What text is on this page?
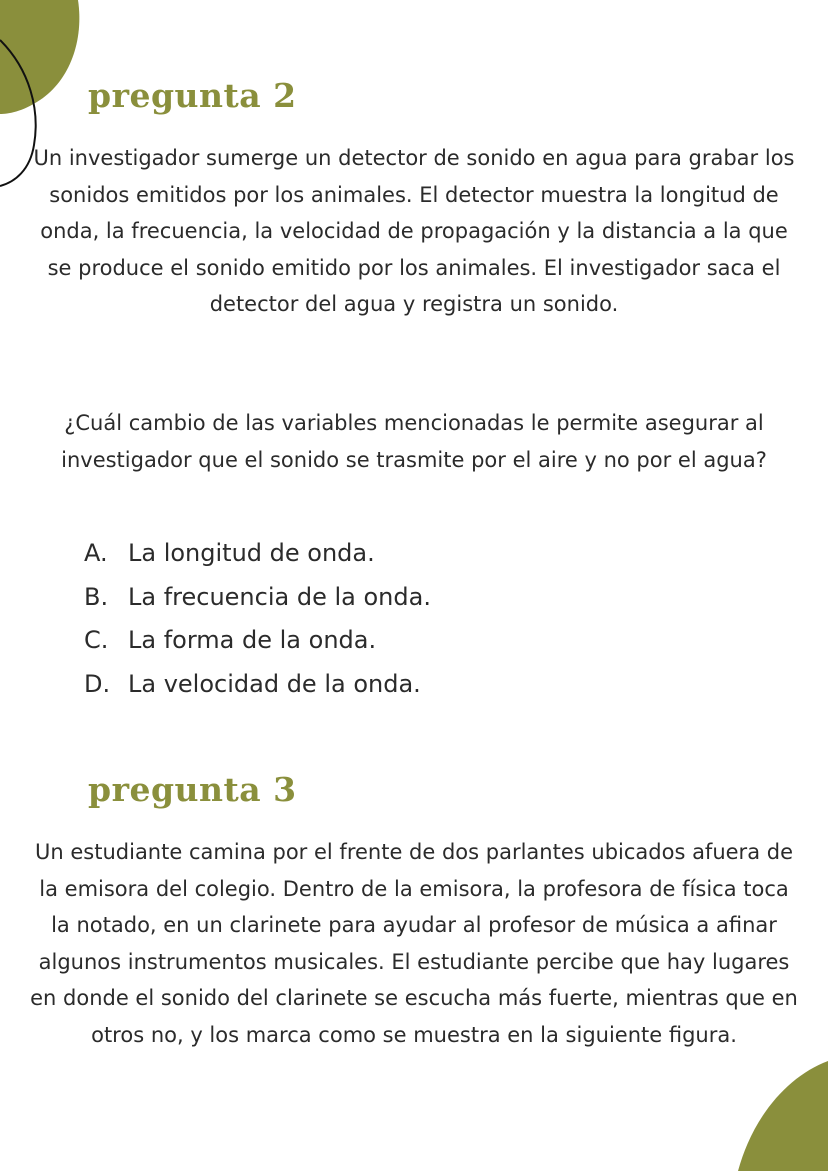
pregunta 2

Un investigador sumerge un detector de sonido en agua para grabar los sonidos emitidos por los animales. El detector muestra la longitud de onda, la frecuencia, la velocidad de propagación y la distancia a la que se produce el sonido emitido por los animales. El investigador saca el detector del agua y registra un sonido.

¿Cuál cambio de las variables mencionadas le permite asegurar al investigador que el sonido se trasmite por el aire y no por el agua?

A. La longitud de onda.
B. La frecuencia de la onda.
C. La forma de la onda.
D. La velocidad de la onda.
pregunta 3

Un estudiante camina por el frente de dos parlantes ubicados afuera de la emisora del colegio. Dentro de la emisora, la profesora de física toca la notado, en un clarinete para ayudar al profesor de música a afinar algunos instrumentos musicales. El estudiante percibe que hay lugares en donde el sonido del clarinete se escucha más fuerte, mientras que en otros no, y los marca como se muestra en la siguiente figura.
